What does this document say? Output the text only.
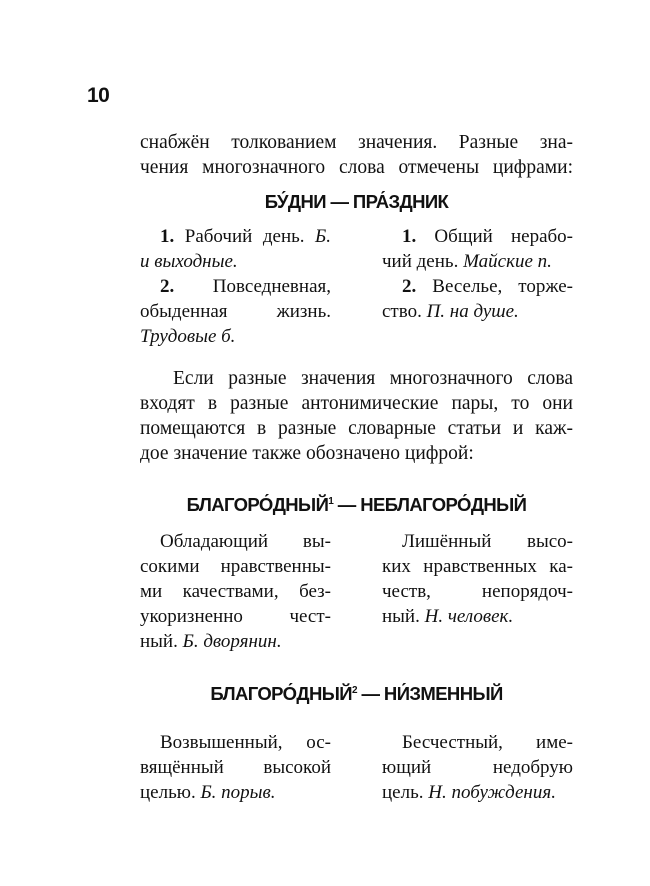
10
снабжён толкованием значения. Разные зна-
чения многозначного слова отмечены цифрами:
БУ́ДНИ — ПРА́ЗДНИК
1. Рабочий день. Б.
и выходные.
2. Повседневная,
обыденная жизнь.
Трудовые б.
1. Общий нерабо-
чий день. Майские п.
2. Веселье, торже-
ство. П. на душе.
Если разные значения многозначного слова
входят в разные антонимические пары, то они
помещаются в разные словарные статьи и каж-
дое значение также обозначено цифрой:
БЛАГОРО́ДНЫЙ$^1$ — НЕБЛАГОРО́ДНЫЙ
Обладающий вы-
сокими нравственны-
ми качествами, без-
укоризненно чест-
ный. Б. дворянин.
Лишённый высо-
ких нравственных ка-
честв, непорядоч-
ный. Н. человек.
БЛАГОРО́ДНЫЙ$^2$ — НИ́ЗМЕННЫЙ
Возвышенный, ос-
вящённый высокой
целью. Б. порыв.
Бесчестный, име-
ющий недобрую
цель. Н. побуждения.
